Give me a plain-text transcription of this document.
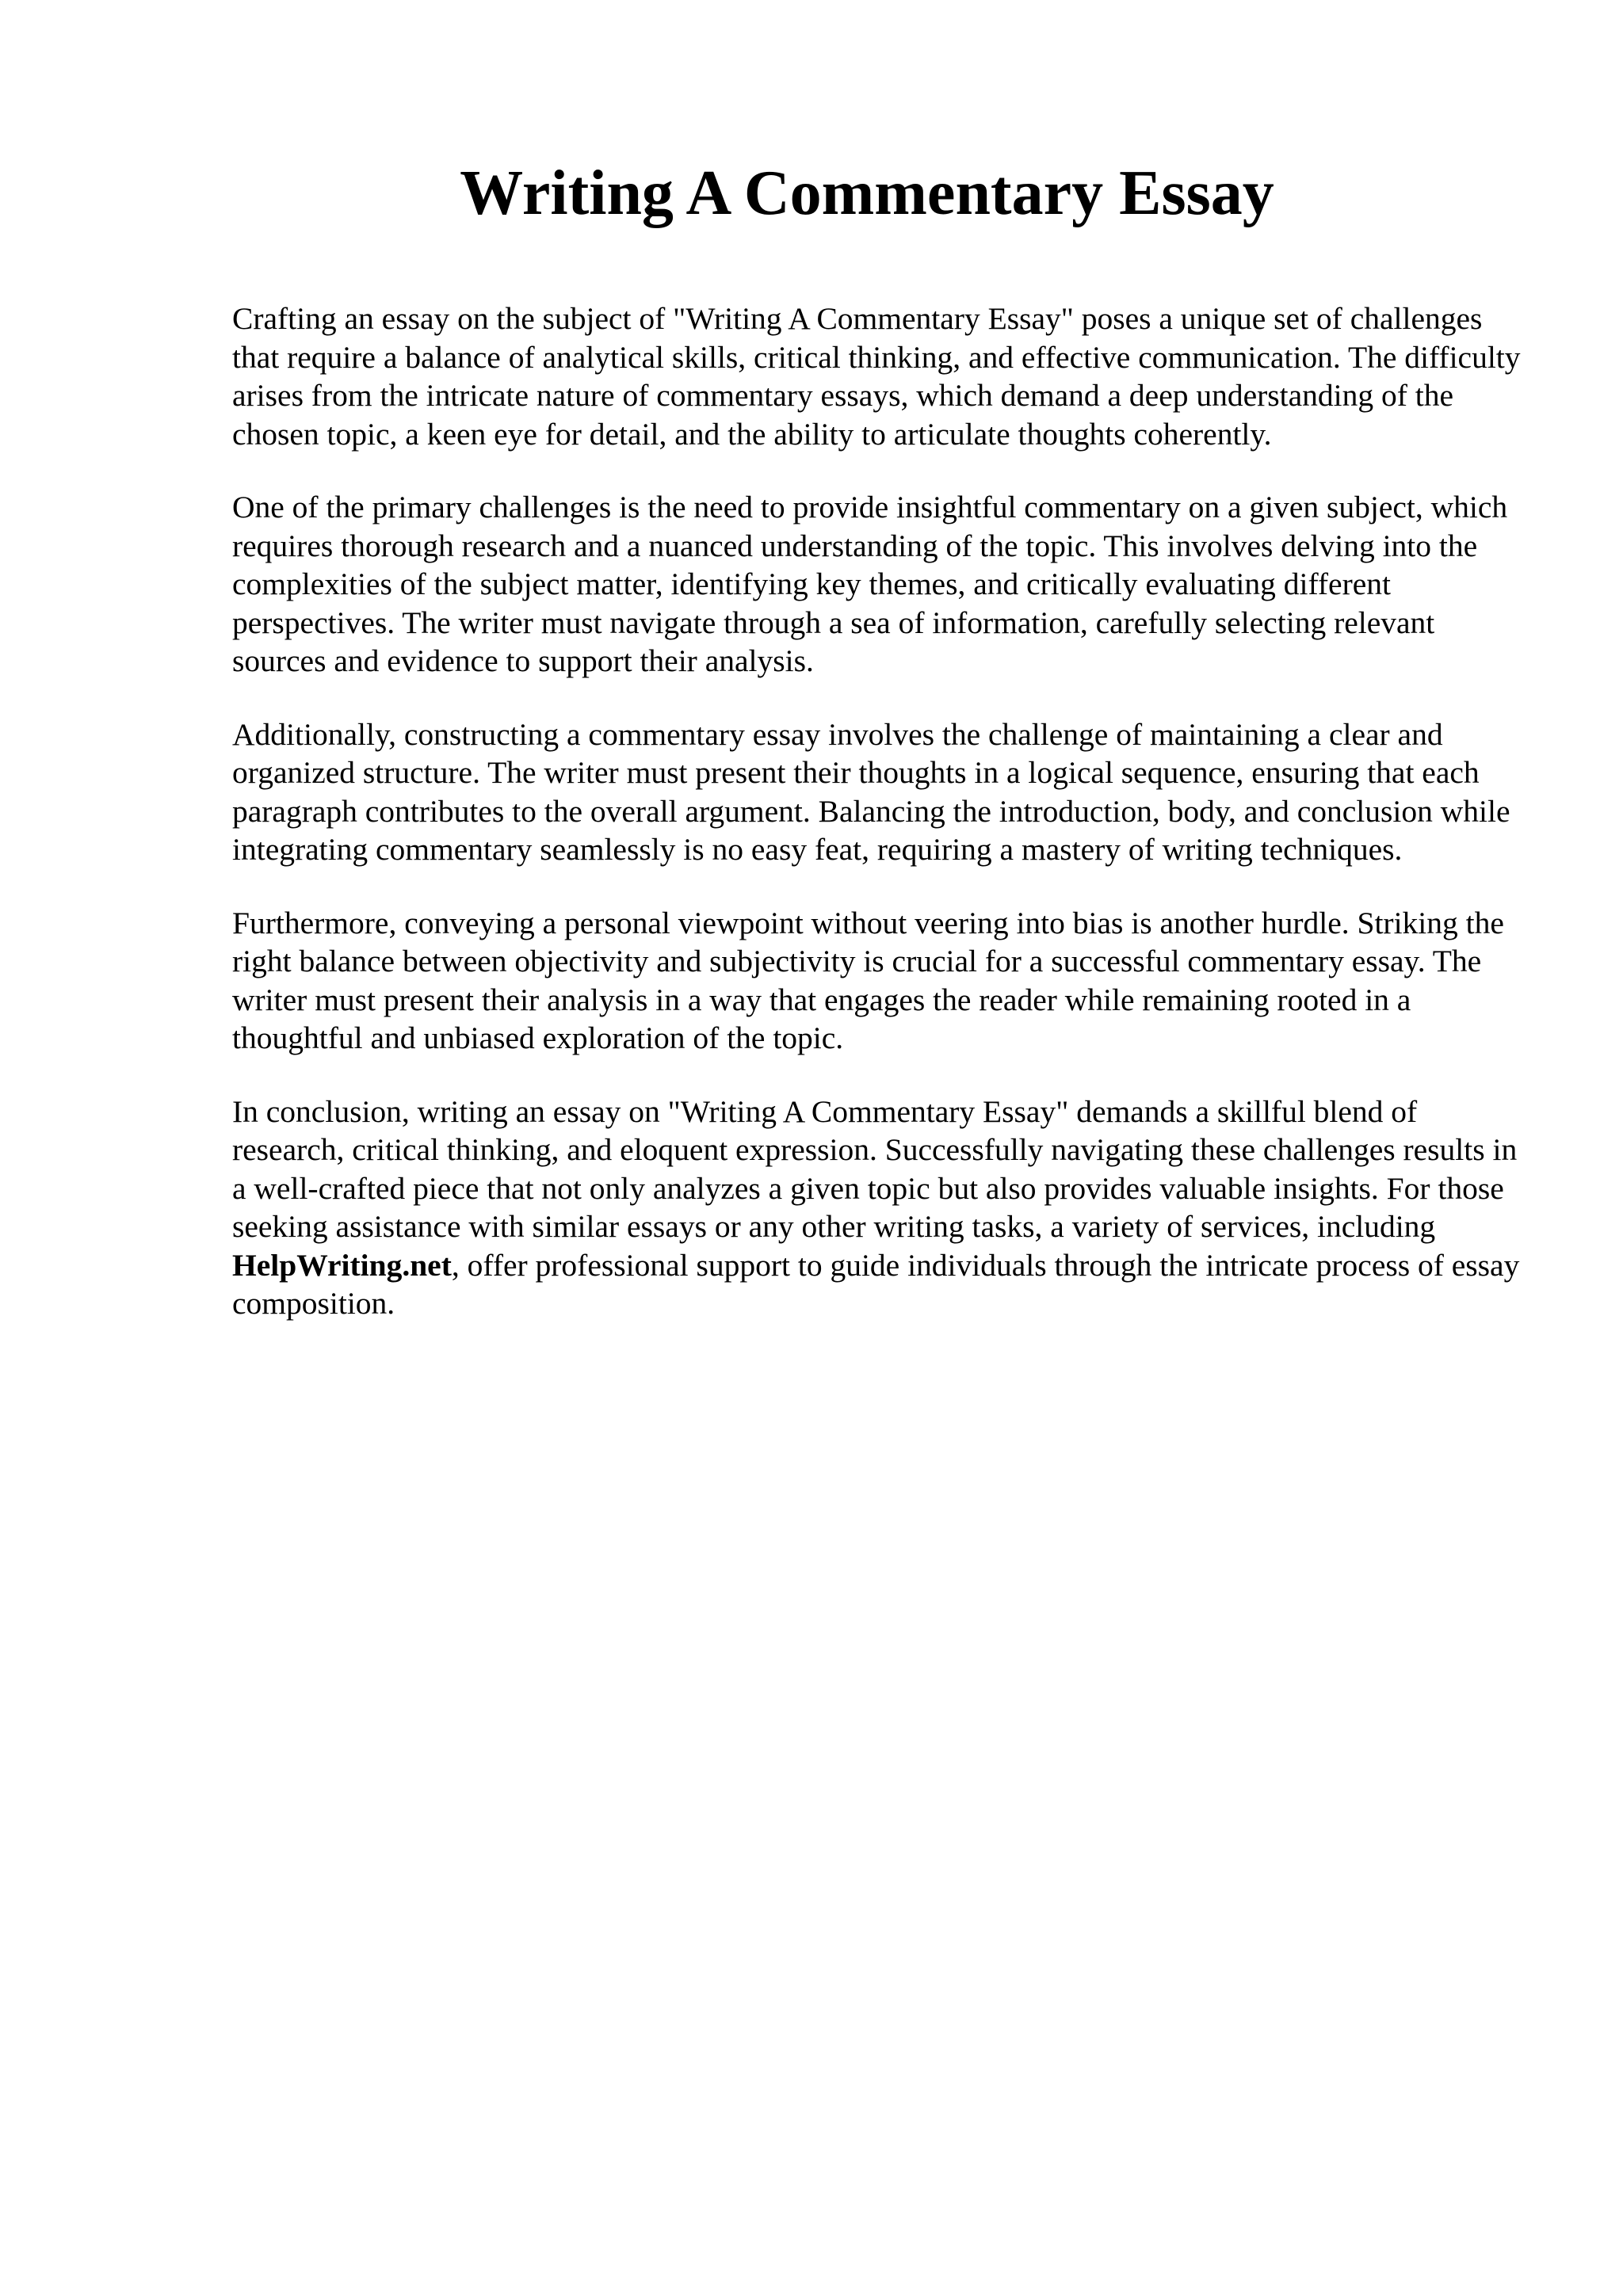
Writing A Commentary Essay

Crafting an essay on the subject of "Writing A Commentary Essay" poses a unique set of challenges that require a balance of analytical skills, critical thinking, and effective communication. The difficulty arises from the intricate nature of commentary essays, which demand a deep understanding of the chosen topic, a keen eye for detail, and the ability to articulate thoughts coherently.

One of the primary challenges is the need to provide insightful commentary on a given subject, which requires thorough research and a nuanced understanding of the topic. This involves delving into the complexities of the subject matter, identifying key themes, and critically evaluating different perspectives. The writer must navigate through a sea of information, carefully selecting relevant sources and evidence to support their analysis.

Additionally, constructing a commentary essay involves the challenge of maintaining a clear and organized structure. The writer must present their thoughts in a logical sequence, ensuring that each paragraph contributes to the overall argument. Balancing the introduction, body, and conclusion while integrating commentary seamlessly is no easy feat, requiring a mastery of writing techniques.

Furthermore, conveying a personal viewpoint without veering into bias is another hurdle. Striking the right balance between objectivity and subjectivity is crucial for a successful commentary essay. The writer must present their analysis in a way that engages the reader while remaining rooted in a thoughtful and unbiased exploration of the topic.

In conclusion, writing an essay on "Writing A Commentary Essay" demands a skillful blend of research, critical thinking, and eloquent expression. Successfully navigating these challenges results in a well-crafted piece that not only analyzes a given topic but also provides valuable insights. For those seeking assistance with similar essays or any other writing tasks, a variety of services, including HelpWriting.net, offer professional support to guide individuals through the intricate process of essay composition.
